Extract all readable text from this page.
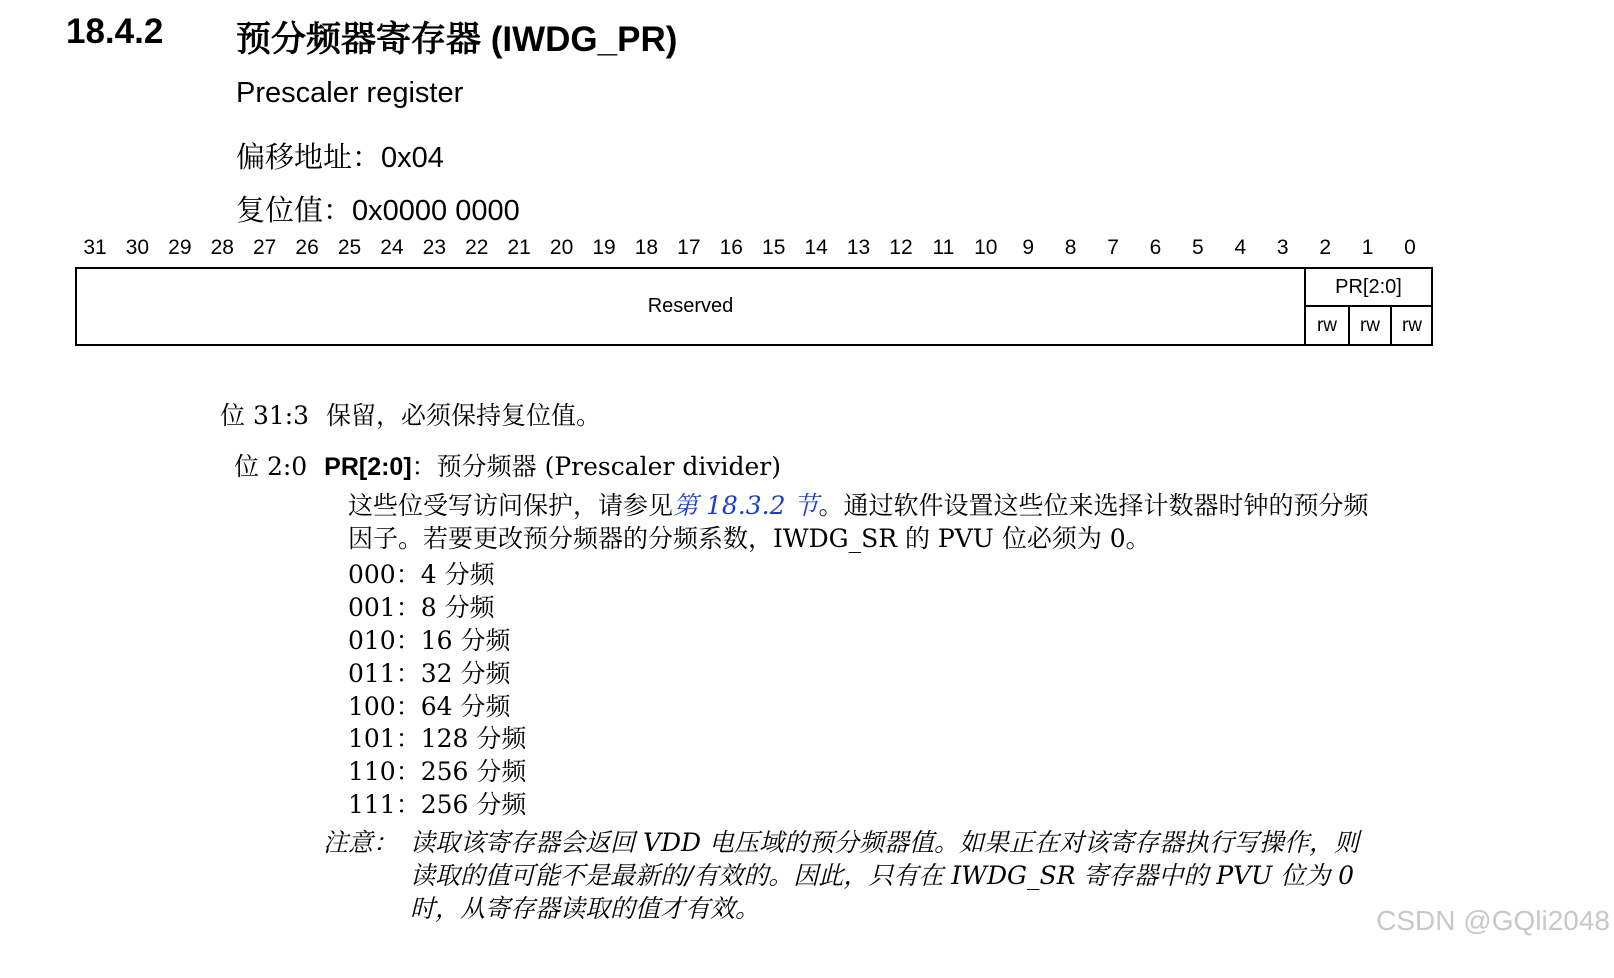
18.4.2 预分频器寄存器 (IWDG_PR)
Prescaler register
偏移地址：0x04
复位值：0x0000 0000
31 30 29 28 27 26 25 24 23 22 21 20 19 18 17 16 15 14 13 12 11 10	9	8	7	6	5	4	3	2	1	0
Reserved
PR[2:0]
rw	rw	rw
位 31:3 保留，必须保持复位值。
位 2:0 PR[2:0]：预分频器 (Prescaler divider)
这些位受写访问保护，请参见第 18.3.2 节。通过软件设置这些位来选择计数器时钟的预分频
因子。若要更改预分频器的分频系数，IWDG_SR 的 PVU 位必须为 0。
000：4 分频
001：8 分频
010：16 分频
011：32 分频
100：64 分频
101：128 分频
110：256 分频
111：256 分频
注意： 读取该寄存器会返回 VDD 电压域的预分频器值。如果正在对该寄存器执行写操作，则
读取的值可能不是最新的/有效的。因此，只有在 IWDG_SR 寄存器中的 PVU 位为 0
时，从寄存器读取的值才有效。	CSDN @GQli2048
